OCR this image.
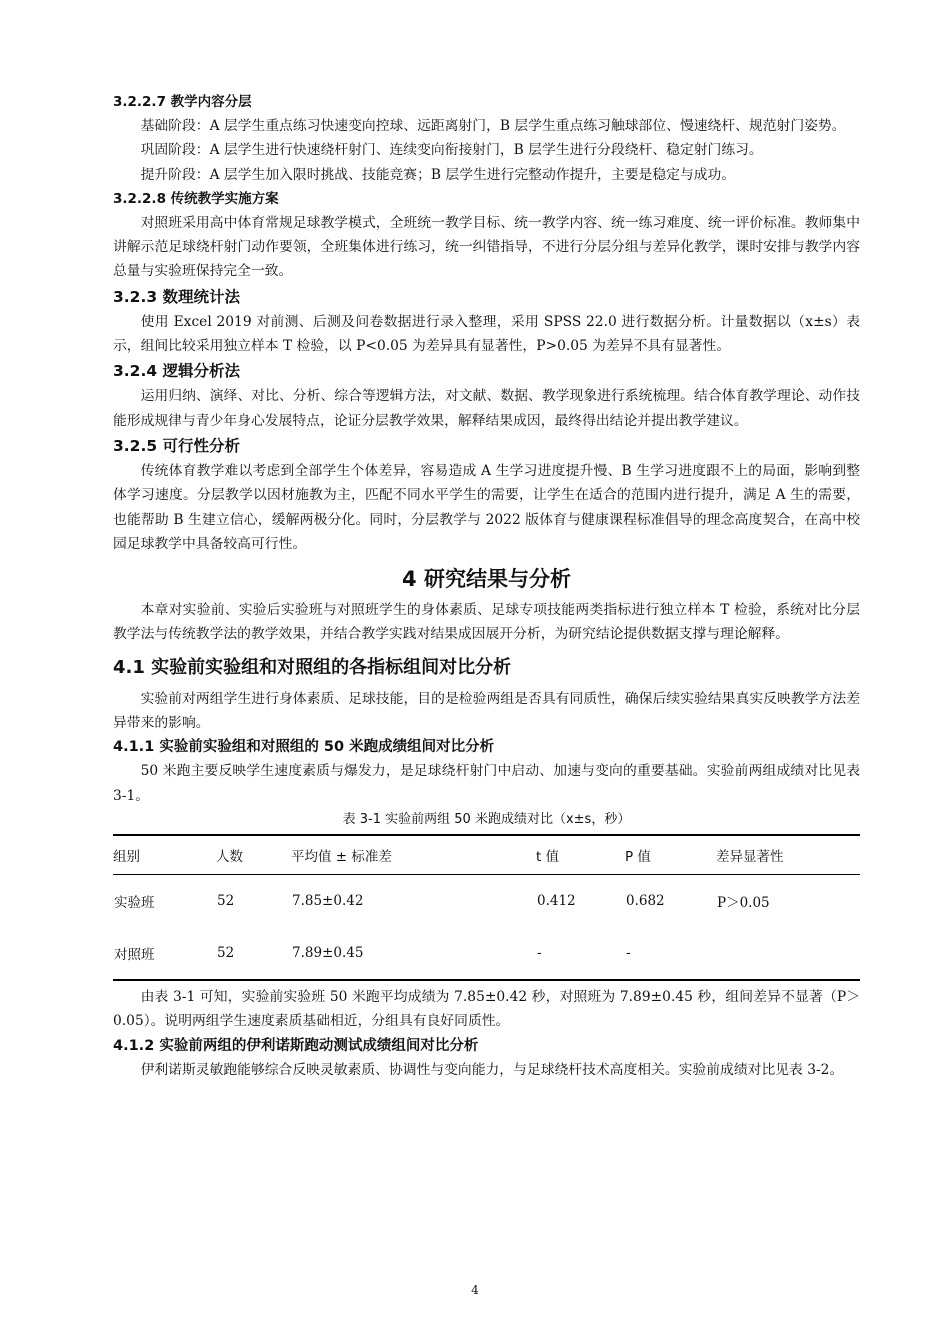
3.2.2.7 教学内容分层

基础阶段：A 层学生重点练习快速变向控球、远距离射门，B 层学生重点练习触球部位、慢速绕杆、规范射门姿势。

巩固阶段：A 层学生进行快速绕杆射门、连续变向衔接射门，B 层学生进行分段绕杆、稳定射门练习。

提升阶段：A 层学生加入限时挑战、技能竞赛；B 层学生进行完整动作提升，主要是稳定与成功。

3.2.2.8 传统教学实施方案

对照班采用高中体育常规足球教学模式，全班统一教学目标、统一教学内容、统一练习难度、统一评价标准。教师集中讲解示范足球绕杆射门动作要领，全班集体进行练习，统一纠错指导，不进行分层分组与差异化教学，课时安排与教学内容总量与实验班保持完全一致。

3.2.3 数理统计法

使用 Excel 2019 对前测、后测及问卷数据进行录入整理，采用 SPSS 22.0 进行数据分析。计量数据以（x±s）表示，组间比较采用独立样本 T 检验，以 P<0.05 为差异具有显著性，P>0.05 为差异不具有显著性。

3.2.4 逻辑分析法

运用归纳、演绎、对比、分析、综合等逻辑方法，对文献、数据、教学现象进行系统梳理。结合体育教学理论、动作技能形成规律与青少年身心发展特点，论证分层教学效果，解释结果成因，最终得出结论并提出教学建议。

3.2.5 可行性分析

传统体育教学难以考虑到全部学生个体差异，容易造成 A 生学习进度提升慢、B 生学习进度跟不上的局面，影响到整体学习速度。分层教学以因材施教为主，匹配不同水平学生的需要，让学生在适合的范围内进行提升，满足 A 生的需要，也能帮助 B 生建立信心，缓解两极分化。同时，分层教学与 2022 版体育与健康课程标准倡导的理念高度契合，在高中校园足球教学中具备较高可行性。

4 研究结果与分析

本章对实验前、实验后实验班与对照班学生的身体素质、足球专项技能两类指标进行独立样本 T 检验，系统对比分层教学法与传统教学法的教学效果，并结合教学实践对结果成因展开分析，为研究结论提供数据支撑与理论解释。

4.1 实验前实验组和对照组的各指标组间对比分析

实验前对两组学生进行身体素质、足球技能，目的是检验两组是否具有同质性，确保后续实验结果真实反映教学方法差异带来的影响。

4.1.1 实验前实验组和对照组的 50 米跑成绩组间对比分析

50 米跑主要反映学生速度素质与爆发力，是足球绕杆射门中启动、加速与变向的重要基础。实验前两组成绩对比见表 3-1。

表 3-1 实验前两组 50 米跑成绩对比（x±s，秒）
组别	人数	平均值 ± 标准差	t 值	P 值	差异显著性
实验班	52	7.85±0.42	0.412	0.682	P＞0.05
对照班	52	7.89±0.45	-	-	

由表 3-1 可知，实验前实验班 50 米跑平均成绩为 7.85±0.42 秒，对照班为 7.89±0.45 秒，组间差异不显著（P＞0.05）。说明两组学生速度素质基础相近，分组具有良好同质性。

4.1.2 实验前两组的伊利诺斯跑动测试成绩组间对比分析

伊利诺斯灵敏跑能够综合反映灵敏素质、协调性与变向能力，与足球绕杆技术高度相关。实验前成绩对比见表 3-2。

4
